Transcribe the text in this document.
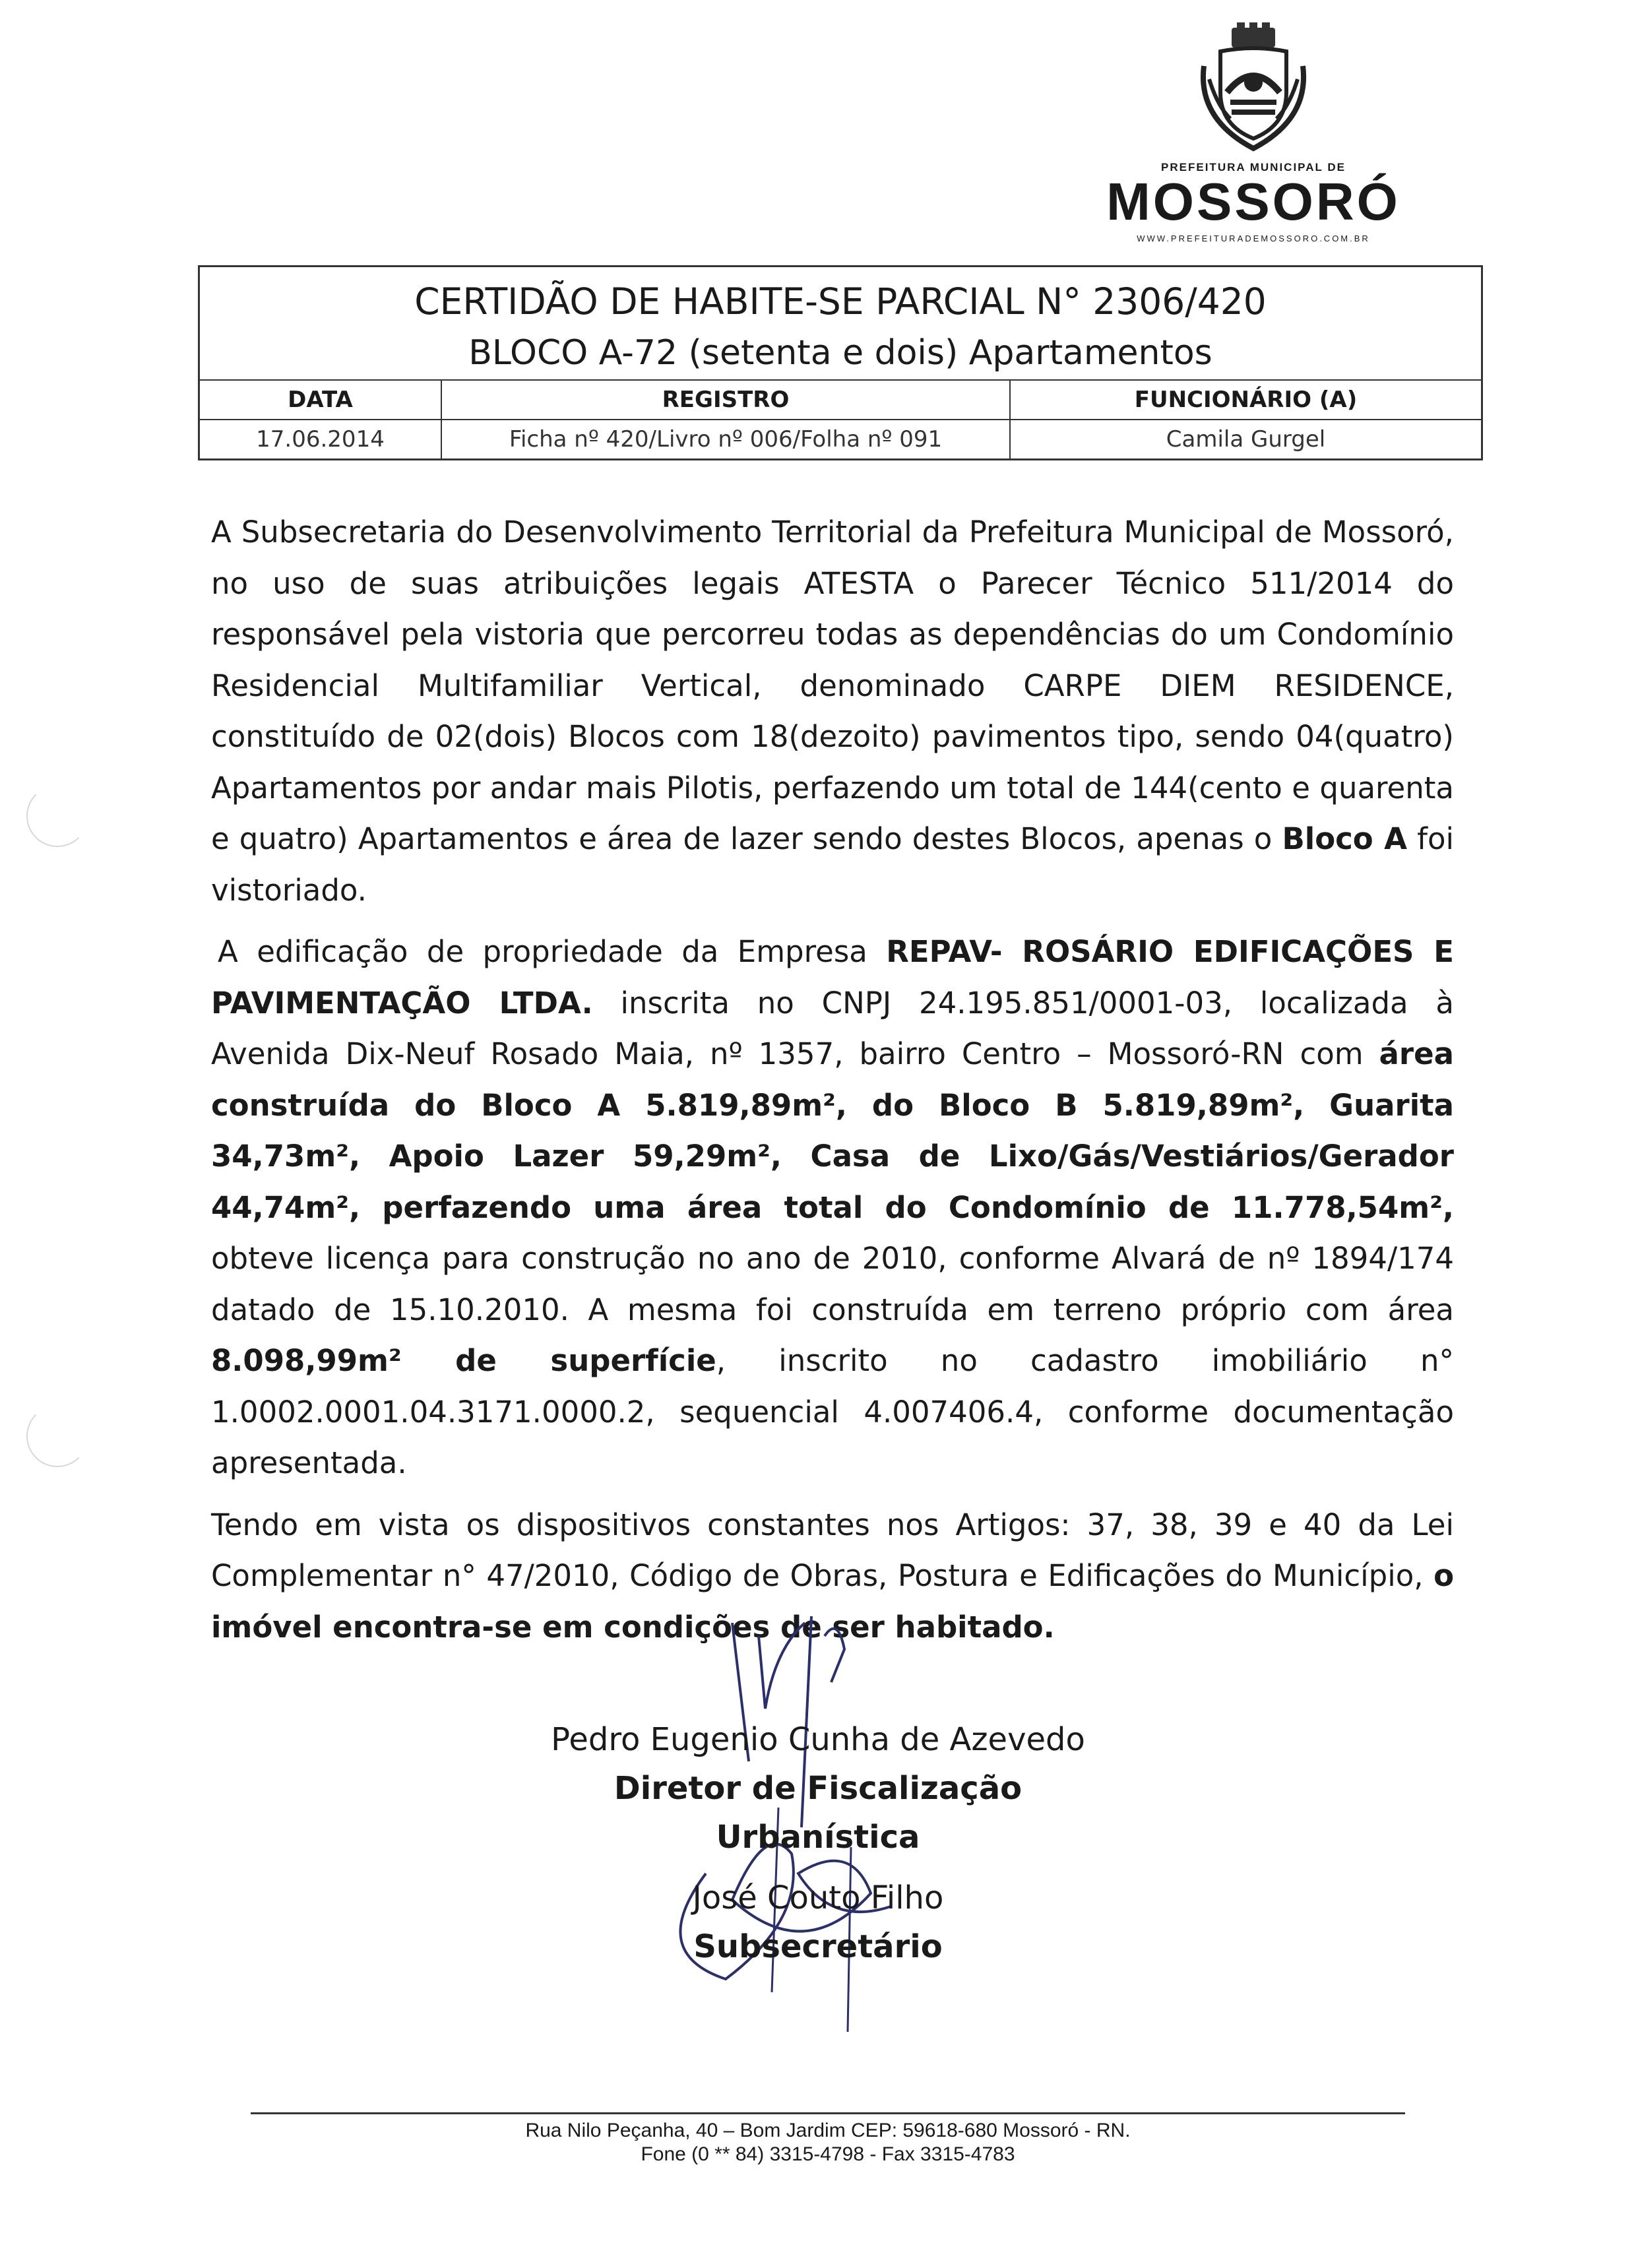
PREFEITURA MUNICIPAL DE
MOSSORÓ
WWW.PREFEITURADEMOSSORO.COM.BR
CERTIDÃO DE HABITE-SE PARCIAL N° 2306/420
BLOCO A-72 (setenta e dois) Apartamentos
DATA	REGISTRO	FUNCIONÁRIO (A)
17.06.2014	Ficha nº 420/Livro nº 006/Folha nº 091	Camila Gurgel
A Subsecretaria do Desenvolvimento Territorial da Prefeitura Municipal de Mossoró, no uso de suas atribuições legais ATESTA o Parecer Técnico 511/2014 do responsável pela vistoria que percorreu todas as dependências do um Condomínio Residencial Multifamiliar Vertical, denominado CARPE DIEM RESIDENCE, constituído de 02(dois) Blocos com 18(dezoito) pavimentos tipo, sendo 04(quatro) Apartamentos por andar mais Pilotis, perfazendo um total de 144(cento e quarenta e quatro) Apartamentos e área de lazer sendo destes Blocos, apenas o Bloco A foi vistoriado.
A edificação de propriedade da Empresa REPAV- ROSÁRIO EDIFICAÇÕES E PAVIMENTAÇÃO LTDA. inscrita no CNPJ 24.195.851/0001-03, localizada à Avenida Dix-Neuf Rosado Maia, nº 1357, bairro Centro – Mossoró-RN com área construída do Bloco A 5.819,89m², do Bloco B 5.819,89m², Guarita 34,73m², Apoio Lazer 59,29m², Casa de Lixo/Gás/Vestiários/Gerador 44,74m², perfazendo uma área total do Condomínio de 11.778,54m², obteve licença para construção no ano de 2010, conforme Alvará de nº 1894/174 datado de 15.10.2010. A mesma foi construída em terreno próprio com área 8.098,99m² de superfície, inscrito no cadastro imobiliário n° 1.0002.0001.04.3171.0000.2, sequencial 4.007406.4, conforme documentação apresentada.
Tendo em vista os dispositivos constantes nos Artigos: 37, 38, 39 e 40 da Lei Complementar n° 47/2010, Código de Obras, Postura e Edificações do Município, o imóvel encontra-se em condições de ser habitado.
Pedro Eugenio Cunha de Azevedo
Diretor de Fiscalização Urbanística
José Couto Filho
Subsecretário
Rua Nilo Peçanha, 40 – Bom Jardim CEP: 59618-680 Mossoró - RN.
Fone (0 ** 84) 3315-4798 - Fax 3315-4783
